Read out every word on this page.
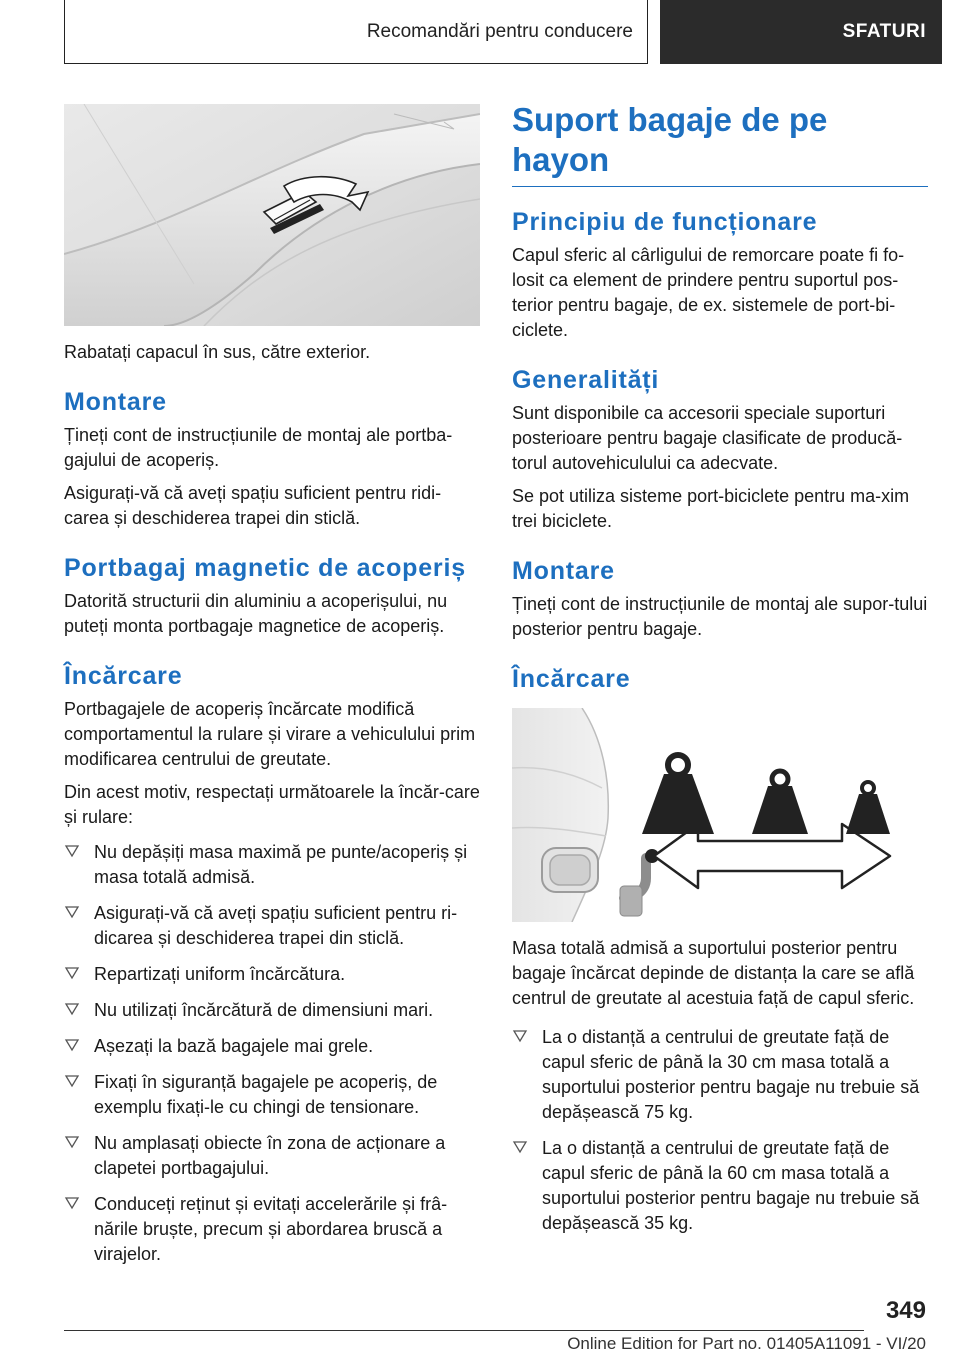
Recomandări pentru conducere	SFATURI

Rabatați capacul în sus, către exterior.

Montare

Țineți cont de instrucțiunile de montaj ale portba-gajului de acoperiș.

Asigurați-vă că aveți spațiu suficient pentru ridi-carea și deschiderea trapei din sticlă.

Portbagaj magnetic de acoperiș

Datorită structurii din aluminiu a acoperișului, nu puteți monta portbagaje magnetice de acoperiș.

Încărcare

Portbagajele de acoperiș încărcate modifică comportamentul la rulare și virare a vehiculului prim modificarea centrului de greutate.

Din acest motiv, respectați următoarele la încăr-care și rulare:

Nu depășiți masa maximă pe punte/acoperiș și masa totală admisă.
Asigurați-vă că aveți spațiu suficient pentru ri-dicarea și deschiderea trapei din sticlă.
Repartizați uniform încărcătura.
Nu utilizați încărcătură de dimensiuni mari.
Așezați la bază bagajele mai grele.
Fixați în siguranță bagajele pe acoperiș, de exemplu fixați-le cu chingi de tensionare.
Nu amplasați obiecte în zona de acționare a clapetei portbagajului.
Conduceți reținut și evitați accelerările și frâ-nările bruște, precum și abordarea bruscă a virajelor.
Suport bagaje de pe hayon
Principiu de funcționare

Capul sferic al cârligului de remorcare poate fi fo-losit ca element de prindere pentru suportul pos-terior pentru bagaje, de ex. sistemele de port-bi-ciclete.

Generalități

Sunt disponibile ca accesorii speciale suporturi posterioare pentru bagaje clasificate de producă-torul autovehiculului ca adecvate.

Se pot utiliza sisteme port-biciclete pentru ma-xim trei biciclete.

Montare

Țineți cont de instrucțiunile de montaj ale supor-tului posterior pentru bagaje.

Încărcare

Masa totală admisă a suportului posterior pentru bagaje încărcat depinde de distanța la care se află centrul de greutate al acestuia față de capul sferic.

La o distanță a centrului de greutate față de capul sferic de până la 30 cm masa totală a suportului posterior pentru bagaje nu trebuie să depășească 75 kg.
La o distanță a centrului de greutate față de capul sferic de până la 60 cm masa totală a suportului posterior pentru bagaje nu trebuie să depășească 35 kg.
349
Online Edition for Part no. 01405A11091 - VI/20
